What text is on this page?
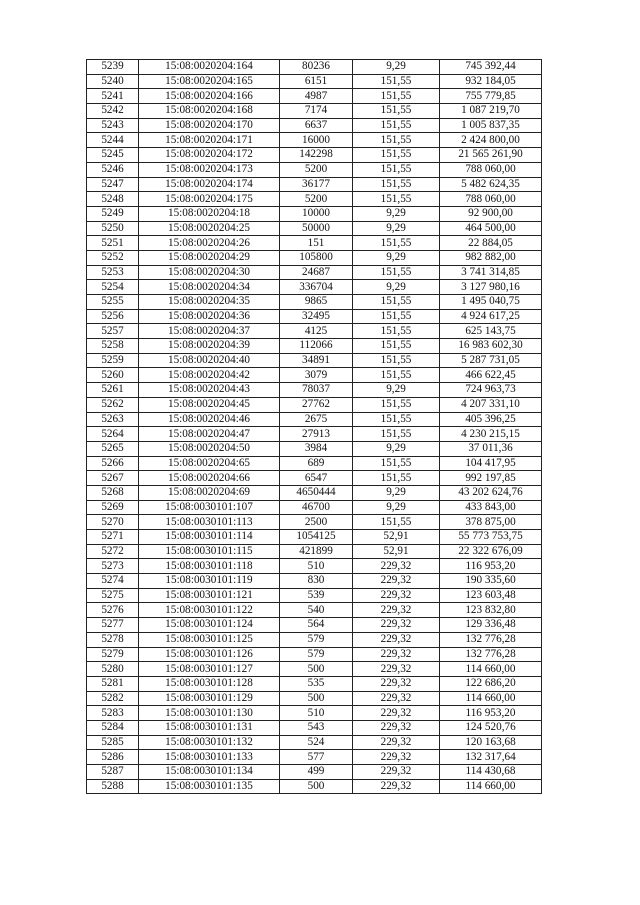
5239	15:08:0020204:164	80236	9,29	745 392,44
5240	15:08:0020204:165	6151	151,55	932 184,05
5241	15:08:0020204:166	4987	151,55	755 779,85
5242	15:08:0020204:168	7174	151,55	1 087 219,70
5243	15:08:0020204:170	6637	151,55	1 005 837,35
5244	15:08:0020204:171	16000	151,55	2 424 800,00
5245	15:08:0020204:172	142298	151,55	21 565 261,90
5246	15:08:0020204:173	5200	151,55	788 060,00
5247	15:08:0020204:174	36177	151,55	5 482 624,35
5248	15:08:0020204:175	5200	151,55	788 060,00
5249	15:08:0020204:18	10000	9,29	92 900,00
5250	15:08:0020204:25	50000	9,29	464 500,00
5251	15:08:0020204:26	151	151,55	22 884,05
5252	15:08:0020204:29	105800	9,29	982 882,00
5253	15:08:0020204:30	24687	151,55	3 741 314,85
5254	15:08:0020204:34	336704	9,29	3 127 980,16
5255	15:08:0020204:35	9865	151,55	1 495 040,75
5256	15:08:0020204:36	32495	151,55	4 924 617,25
5257	15:08:0020204:37	4125	151,55	625 143,75
5258	15:08:0020204:39	112066	151,55	16 983 602,30
5259	15:08:0020204:40	34891	151,55	5 287 731,05
5260	15:08:0020204:42	3079	151,55	466 622,45
5261	15:08:0020204:43	78037	9,29	724 963,73
5262	15:08:0020204:45	27762	151,55	4 207 331,10
5263	15:08:0020204:46	2675	151,55	405 396,25
5264	15:08:0020204:47	27913	151,55	4 230 215,15
5265	15:08:0020204:50	3984	9,29	37 011,36
5266	15:08:0020204:65	689	151,55	104 417,95
5267	15:08:0020204:66	6547	151,55	992 197,85
5268	15:08:0020204:69	4650444	9,29	43 202 624,76
5269	15:08:0030101:107	46700	9,29	433 843,00
5270	15:08:0030101:113	2500	151,55	378 875,00
5271	15:08:0030101:114	1054125	52,91	55 773 753,75
5272	15:08:0030101:115	421899	52,91	22 322 676,09
5273	15:08:0030101:118	510	229,32	116 953,20
5274	15:08:0030101:119	830	229,32	190 335,60
5275	15:08:0030101:121	539	229,32	123 603,48
5276	15:08:0030101:122	540	229,32	123 832,80
5277	15:08:0030101:124	564	229,32	129 336,48
5278	15:08:0030101:125	579	229,32	132 776,28
5279	15:08:0030101:126	579	229,32	132 776,28
5280	15:08:0030101:127	500	229,32	114 660,00
5281	15:08:0030101:128	535	229,32	122 686,20
5282	15:08:0030101:129	500	229,32	114 660,00
5283	15:08:0030101:130	510	229,32	116 953,20
5284	15:08:0030101:131	543	229,32	124 520,76
5285	15:08:0030101:132	524	229,32	120 163,68
5286	15:08:0030101:133	577	229,32	132 317,64
5287	15:08:0030101:134	499	229,32	114 430,68
5288	15:08:0030101:135	500	229,32	114 660,00
